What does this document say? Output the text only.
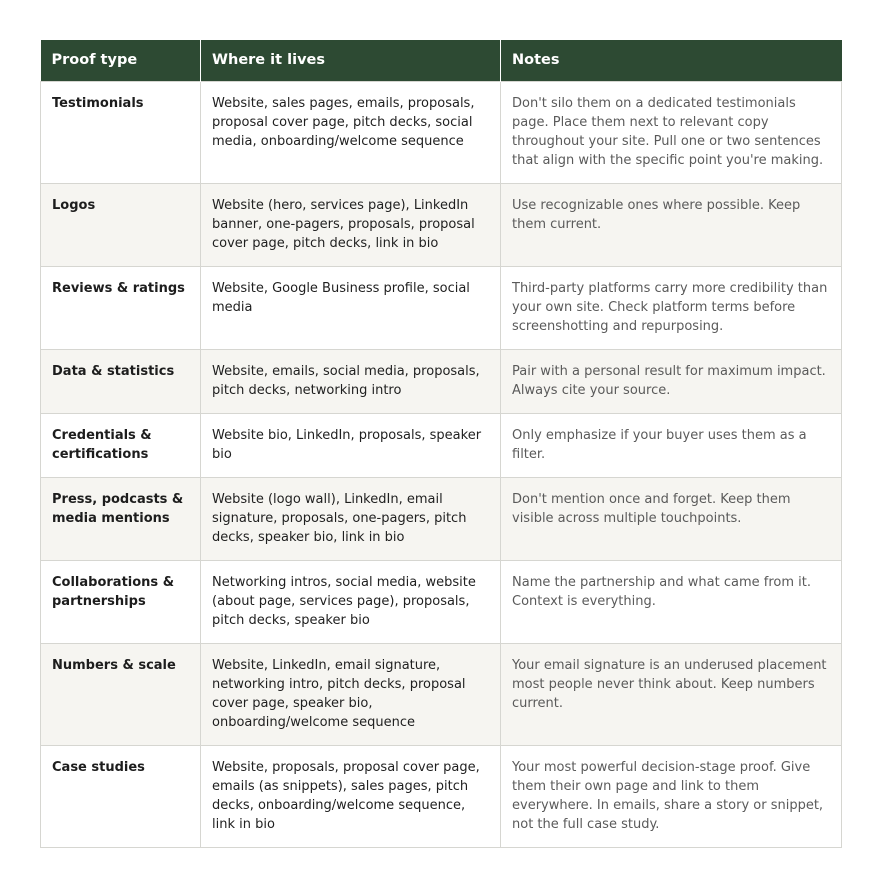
Proof type	Where it lives	Notes
Testimonials	Website, sales pages, emails, proposals, proposal cover page, pitch decks, social media, onboarding/welcome sequence	Don't silo them on a dedicated testimonials page. Place them next to relevant copy throughout your site. Pull one or two sentences that align with the specific point you're making.
Logos	Website (hero, services page), LinkedIn banner, one-pagers, proposals, proposal cover page, pitch decks, link in bio	Use recognizable ones where possible. Keep them current.
Reviews & ratings	Website, Google Business profile, social media	Third-party platforms carry more credibility than your own site. Check platform terms before screenshotting and repurposing.
Data & statistics	Website, emails, social media, proposals, pitch decks, networking intro	Pair with a personal result for maximum impact. Always cite your source.
Credentials & certifications	Website bio, LinkedIn, proposals, speaker bio	Only emphasize if your buyer uses them as a filter.
Press, podcasts & media mentions	Website (logo wall), LinkedIn, email signature, proposals, one-pagers, pitch decks, speaker bio, link in bio	Don't mention once and forget. Keep them visible across multiple touchpoints.
Collaborations & partnerships	Networking intros, social media, website (about page, services page), proposals, pitch decks, speaker bio	Name the partnership and what came from it. Context is everything.
Numbers & scale	Website, LinkedIn, email signature, networking intro, pitch decks, proposal cover page, speaker bio, onboarding/welcome sequence	Your email signature is an underused placement most people never think about. Keep numbers current.
Case studies	Website, proposals, proposal cover page, emails (as snippets), sales pages, pitch decks, onboarding/welcome sequence, link in bio	Your most powerful decision-stage proof. Give them their own page and link to them everywhere. In emails, share a story or snippet, not the full case study.
